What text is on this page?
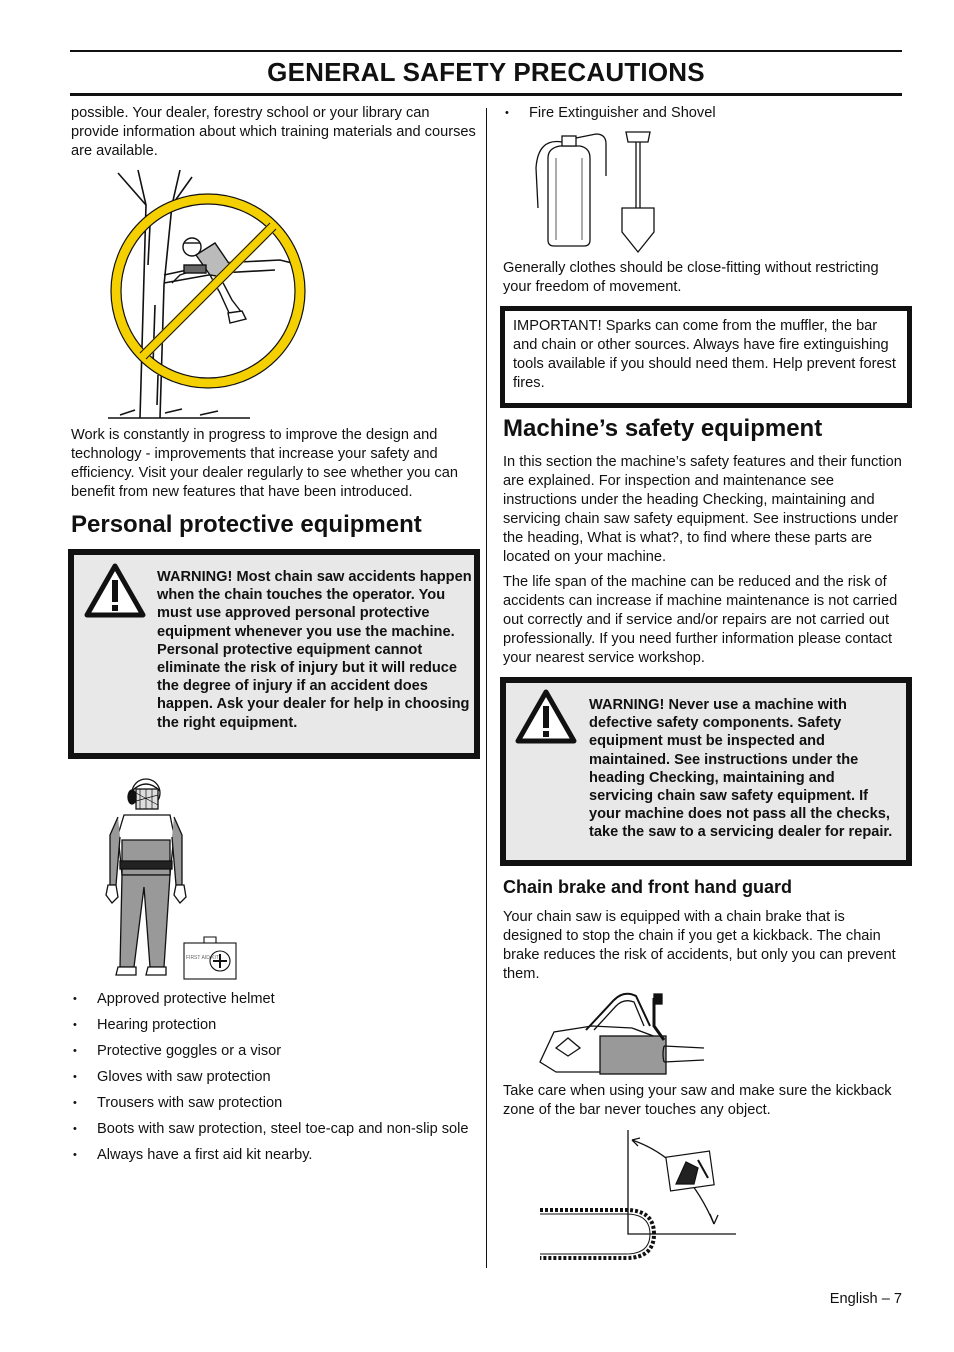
GENERAL SAFETY PRECAUTIONS

possible. Your dealer, forestry school or your library can provide information about which training materials and courses are available.

Work is constantly in progress to improve the design and technology - improvements that increase your safety and efficiency. Visit your dealer regularly to see whether you can benefit from new features that have been introduced.

Personal protective equipment

WARNING! Most chain saw accidents happen when the chain touches the operator. You must use approved personal protective equipment whenever you use the machine. Personal protective equipment cannot eliminate the risk of injury but it will reduce the degree of injury if an accident does happen. Ask your dealer for help in choosing the right equipment.

FIRST AID KIT
• Approved protective helmet
• Hearing protection
• Protective goggles or a visor
• Gloves with saw protection
• Trousers with saw protection
• Boots with saw protection, steel toe-cap and non-slip sole
• Always have a first aid kit nearby.
• Fire Extinguisher and Shovel

Generally clothes should be close-fitting without restricting your freedom of movement.

IMPORTANT! Sparks can come from the muffler, the bar and chain or other sources. Always have fire extinguishing tools available if you should need them. Help prevent forest fires.

Machine’s safety equipment

In this section the machine’s safety features and their function are explained. For inspection and maintenance see instructions under the heading Checking, maintaining and servicing chain saw safety equipment. See instructions under the heading, What is what?, to find where these parts are located on your machine.

The life span of the machine can be reduced and the risk of accidents can increase if machine maintenance is not carried out correctly and if service and/or repairs are not carried out professionally. If you need further information please contact your nearest service workshop.

WARNING! Never use a machine with defective safety components. Safety equipment must be inspected and maintained. See instructions under the heading Checking, maintaining and servicing chain saw safety equipment. If your machine does not pass all the checks, take the saw to a servicing dealer for repair.

Chain brake and front hand guard

Your chain saw is equipped with a chain brake that is designed to stop the chain if you get a kickback. The chain brake reduces the risk of accidents, but only you can prevent them.

Take care when using your saw and make sure the kickback zone of the bar never touches any object.

English – 7
